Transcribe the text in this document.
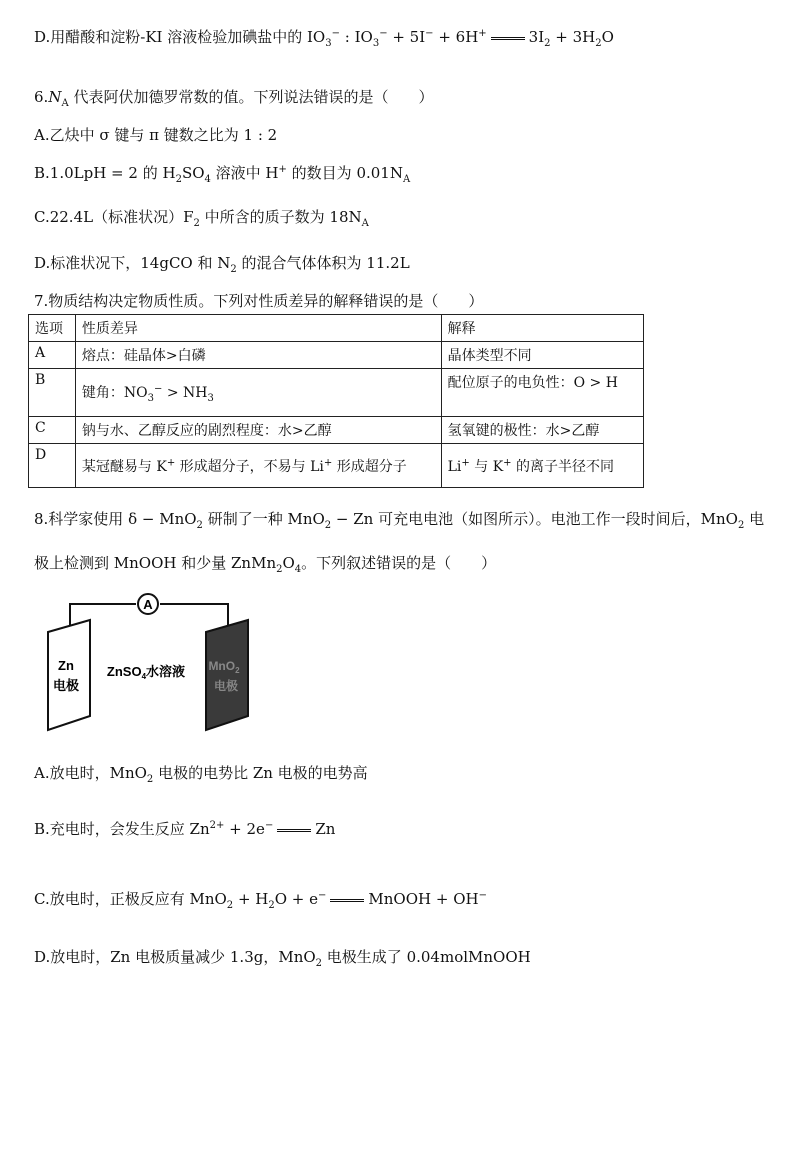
D.用醋酸和淀粉-KI 溶液检验加碘盐中的 $IO_3^-$ : $IO_3^- + 5I^- + 6H^+$	$3I_2 + 3H_2O$
$6.N_A$ 代表阿伏加德罗常数的值。下列说法错误的是（　　）
A.乙炔中 σ 键与 π 键数之比为 1 : 2
B.1.0LpH = 2 的 $H_2SO_4$ 溶液中 H+ 的数目为 $0.01N_A$
C.22.4L（标准状况）$F_2$ 中所含的质子数为 $18N_A$
D.标准状况下，14gCO 和 $N_2$ 的混合气体体积为 11.2L
7.物质结构决定物质性质。下列对性质差异的解释错误的是（　　）
选项	性质差异	解释
A	熔点：硅晶体>白磷	晶体类型不同
B	键角：$NO_3^- > NH_3$	配位原子的电负性：O > H
C	钠与水、乙醇反应的剧烈程度：水>乙醇	氢氧键的极性：水>乙醇
D	某冠醚易与 K+ 形成超分子，不易与 Li+ 形成超分子	Li+ 与 K+ 的离子半径不同
8.科学家使用 δ − MnO$_2$ 研制了一种 MnO$_2$ − Zn 可充电电池（如图所示）。电池工作一段时间后，MnO$_2$ 电
极上检测到 MnOOH 和少量 $ZnMn_2O_4$。下列叙述错误的是（　　）
A
Zn
电极
MnO$_2$
电极
ZnSO$_4$水溶液
A.放电时，MnO$_2$ 电极的电势比 Zn 电极的电势高
B.充电时，会发生反应 $Zn^{2+} + 2e^-$	Zn
C.放电时，正极反应有 $MnO_2 + H_2O + e^-$	MnOOH + OH−
D.放电时，Zn 电极质量减少 1.3g，MnO$_2$ 电极生成了 0.04molMnOOH
